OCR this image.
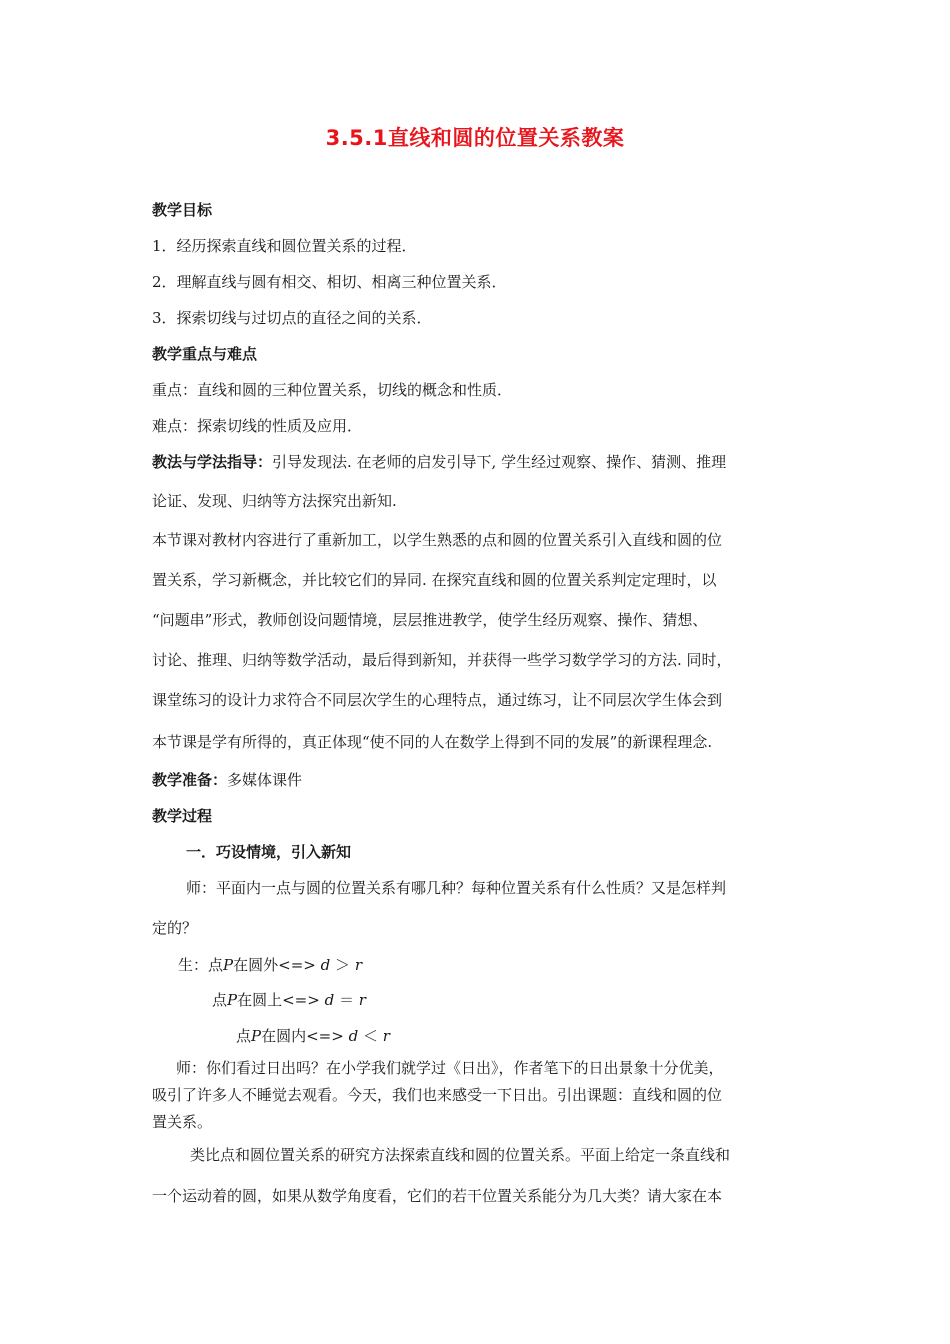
3.5.1直线和圆的位置关系教案
教学目标
1．经历探索直线和圆位置关系的过程．
2．理解直线与圆有相交、相切、相离三种位置关系．
3．探索切线与过切点的直径之间的关系．
教学重点与难点
重点：直线和圆的三种位置关系，切线的概念和性质．
难点：探索切线的性质及应用．
教法与学法指导：引导发现法. 在老师的启发引导下, 学生经过观察、操作、猜测、推理
论证、发现、归纳等方法探究出新知.
本节课对教材内容进行了重新加工，以学生熟悉的点和圆的位置关系引入直线和圆的位
置关系，学习新概念，并比较它们的异同. 在探究直线和圆的位置关系判定定理时，以
“问题串”形式，教师创设问题情境，层层推进教学，使学生经历观察、操作、猜想、
讨论、推理、归纳等数学活动，最后得到新知，并获得一些学习数学学习的方法. 同时，
课堂练习的设计力求符合不同层次学生的心理特点，通过练习，让不同层次学生体会到
本节课是学有所得的，真正体现“使不同的人在数学上得到不同的发展”的新课程理念.
教学准备：多媒体课件
教学过程
一．巧设情境，引入新知
师：平面内一点与圆的位置关系有哪几种？每种位置关系有什么性质？又是怎样判
定的？
生：点P在圆外<=> d ＞ r
点P在圆上<=> d ＝ r
点P在圆内<=> d ＜ r
师：你们看过日出吗？在小学我们就学过《日出》，作者笔下的日出景象十分优美，
吸引了许多人不睡觉去观看。今天，我们也来感受一下日出。引出课题：直线和圆的位
置关系。
类比点和圆位置关系的研究方法探索直线和圆的位置关系。平面上给定一条直线和
一个运动着的圆，如果从数学角度看，它们的若干位置关系能分为几大类？请大家在本
